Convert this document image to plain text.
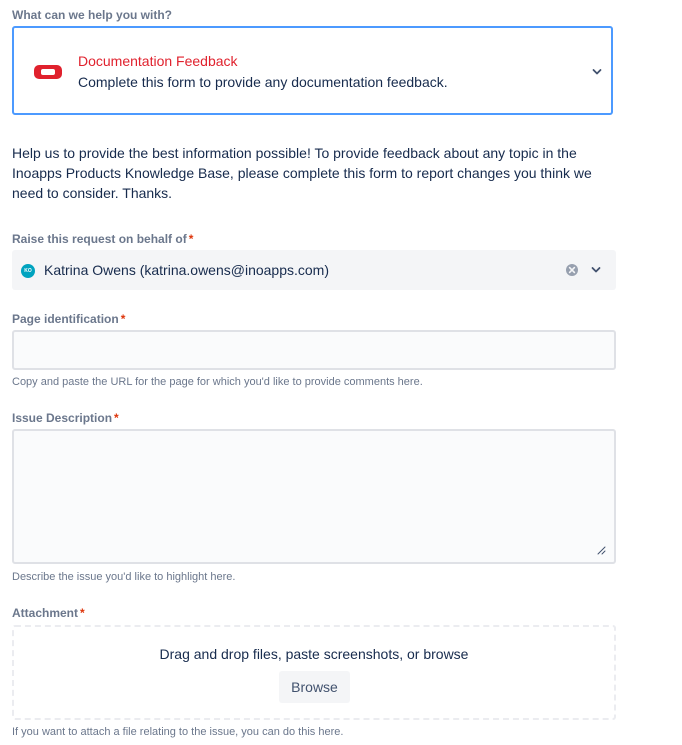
What can we help you with?
Documentation Feedback
Complete this form to provide any documentation feedback.
Help us to provide the best information possible! To provide feedback about any topic in the Inoapps Products Knowledge Base, please complete this form to report changes you think we need to consider. Thanks.
Raise this request on behalf of *
KO Katrina Owens (katrina.owens@inoapps.com)
Page identification *
Copy and paste the URL for the page for which you'd like to provide comments here.
Issue Description *
Describe the issue you'd like to highlight here.
Attachment *
Drag and drop files, paste screenshots, or browse
Browse
If you want to attach a file relating to the issue, you can do this here.
